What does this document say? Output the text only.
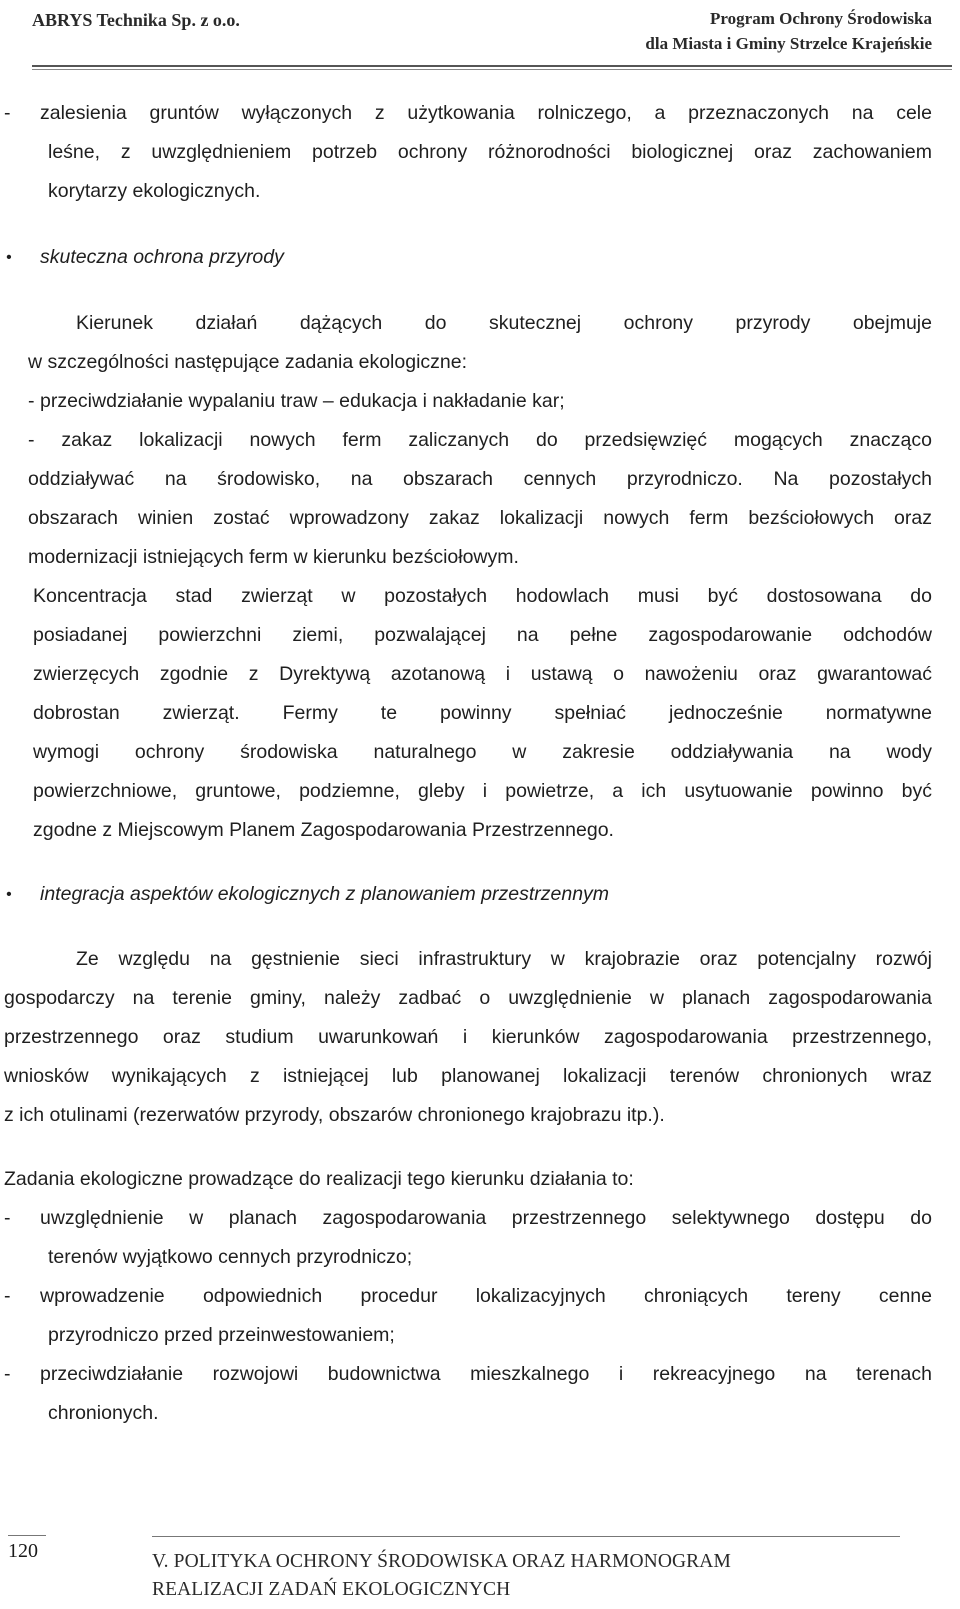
ABRYS Technika Sp. z o.o.	Program Ochrony Środowiska
dla Miasta i Gminy Strzelce Krajeńskie
- zalesienia gruntów wyłączonych z użytkowania rolniczego, a przeznaczonych na cele
leśne, z uwzględnieniem potrzeb ochrony różnorodności biologicznej oraz zachowaniem
korytarzy ekologicznych.
• skuteczna ochrona przyrody
Kierunek działań dążących do skutecznej ochrony przyrody obejmuje
w szczególności następujące zadania ekologiczne:
- przeciwdziałanie wypalaniu traw – edukacja i nakładanie kar;
- zakaz lokalizacji nowych ferm zaliczanych do przedsięwzięć mogących znacząco
oddziaływać na środowisko, na obszarach cennych przyrodniczo. Na pozostałych
obszarach winien zostać wprowadzony zakaz lokalizacji nowych ferm bezściołowych oraz
modernizacji istniejących ferm w kierunku bezściołowym.
Koncentracja stad zwierząt w pozostałych hodowlach musi być dostosowana do
posiadanej powierzchni ziemi, pozwalającej na pełne zagospodarowanie odchodów
zwierzęcych zgodnie z Dyrektywą azotanową i ustawą o nawożeniu oraz gwarantować
dobrostan zwierząt. Fermy te powinny spełniać jednocześnie normatywne
wymogi ochrony środowiska naturalnego w zakresie oddziaływania na wody
powierzchniowe, gruntowe, podziemne, gleby i powietrze, a ich usytuowanie powinno być
zgodne z Miejscowym Planem Zagospodarowania Przestrzennego.
• integracja aspektów ekologicznych z planowaniem przestrzennym
Ze względu na gęstnienie sieci infrastruktury w krajobrazie oraz potencjalny rozwój
gospodarczy na terenie gminy, należy zadbać o uwzględnienie w planach zagospodarowania
przestrzennego oraz studium uwarunkowań i kierunków zagospodarowania przestrzennego,
wniosków wynikających z istniejącej lub planowanej lokalizacji terenów chronionych wraz
z ich otulinami (rezerwatów przyrody, obszarów chronionego krajobrazu itp.).
Zadania ekologiczne prowadzące do realizacji tego kierunku działania to:
- uwzględnienie w planach zagospodarowania przestrzennego selektywnego dostępu do
terenów wyjątkowo cennych przyrodniczo;
- wprowadzenie odpowiednich procedur lokalizacyjnych chroniących tereny cenne
przyrodniczo przed przeinwestowaniem;
- przeciwdziałanie rozwojowi budownictwa mieszkalnego i rekreacyjnego na terenach
chronionych.
120	V. POLITYKA OCHRONY ŚRODOWISKA ORAZ HARMONOGRAM
REALIZACJI ZADAŃ EKOLOGICZNYCH
